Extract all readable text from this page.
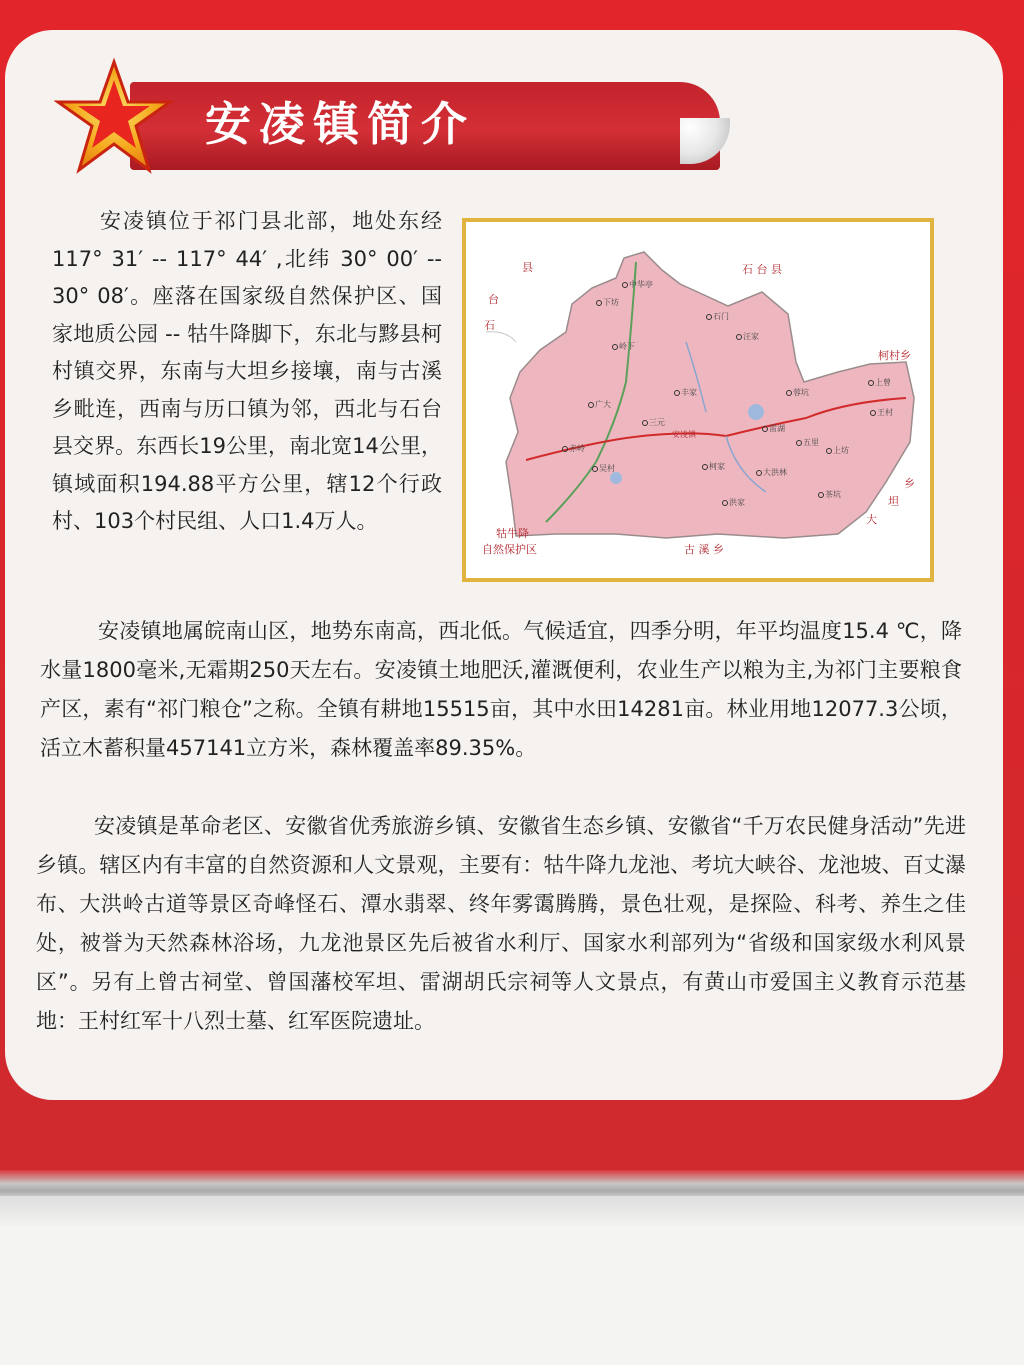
安凌镇简介
安凌镇位于祁门县北部，地处东经 117° 31′ -- 117° 44′ ,北纬 30° 00′ -- 30° 08′。座落在国家级自然保护区、国家地质公园 -- 牯牛降脚下，东北与黟县柯村镇交界，东南与大坦乡接壤，南与古溪乡毗连，西南与历口镇为邻，西北与石台县交界。东西长19公里，南北宽14公里，镇域面积194.88平方公里，辖12个行政村、103个村民组、人口1.4万人。
县
台
石
石 台 县
柯村乡
乡
坦
大
古 溪 乡
牯牛降
自然保护区
安凌镇
中华亭
下坊
岭下
广大
赤岭
三元
吴村	大洪林
王村
上曾
雷湖
石门
汪家
蓉坑
丰家
柯家
上坊
五里
洪家
茶坑
安凌镇地属皖南山区，地势东南高，西北低。气候适宜，四季分明，年平均温度15.4 ℃，降水量1800毫米,无霜期250天左右。安凌镇土地肥沃,灌溉便利，农业生产以粮为主,为祁门主要粮食产区，素有“祁门粮仓”之称。全镇有耕地15515亩，其中水田14281亩。林业用地12077.3公顷，活立木蓄积量457141立方米，森林覆盖率89.35%。
安凌镇是革命老区、安徽省优秀旅游乡镇、安徽省生态乡镇、安徽省“千万农民健身活动”先进乡镇。辖区内有丰富的自然资源和人文景观，主要有：牯牛降九龙池、考坑大峡谷、龙池坡、百丈瀑布、大洪岭古道等景区奇峰怪石、潭水翡翠、终年雾霭腾腾，景色壮观，是探险、科考、养生之佳处，被誉为天然森林浴场，九龙池景区先后被省水利厅、国家水利部列为“省级和国家级水利风景区”。另有上曾古祠堂、曾国藩校军坦、雷湖胡氏宗祠等人文景点，有黄山市爱国主义教育示范基地：王村红军十八烈士墓、红军医院遗址。
